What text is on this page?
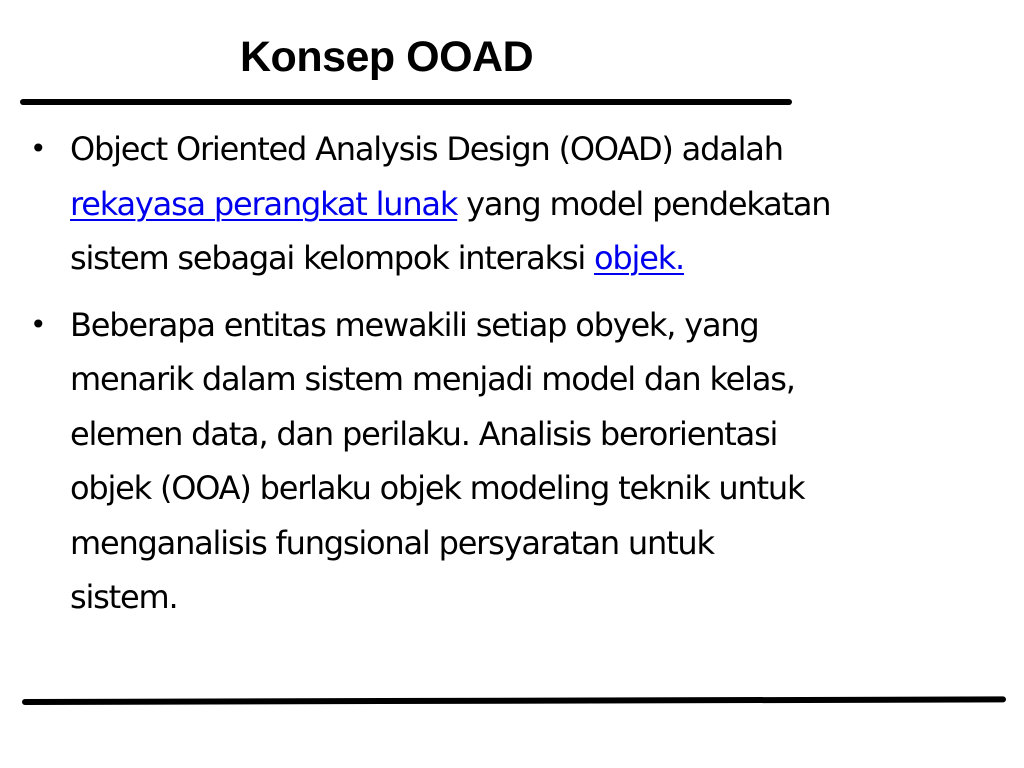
Konsep OOAD
• Object Oriented Analysis Design (OOAD) adalah
rekayasa perangkat lunak yang model pendekatan
sistem sebagai kelompok interaksi objek.
• Beberapa entitas mewakili setiap obyek, yang
menarik dalam sistem menjadi model dan kelas,
elemen data, dan perilaku. Analisis berorientasi
objek (OOA) berlaku objek modeling teknik untuk
menganalisis fungsional persyaratan untuk
sistem.
